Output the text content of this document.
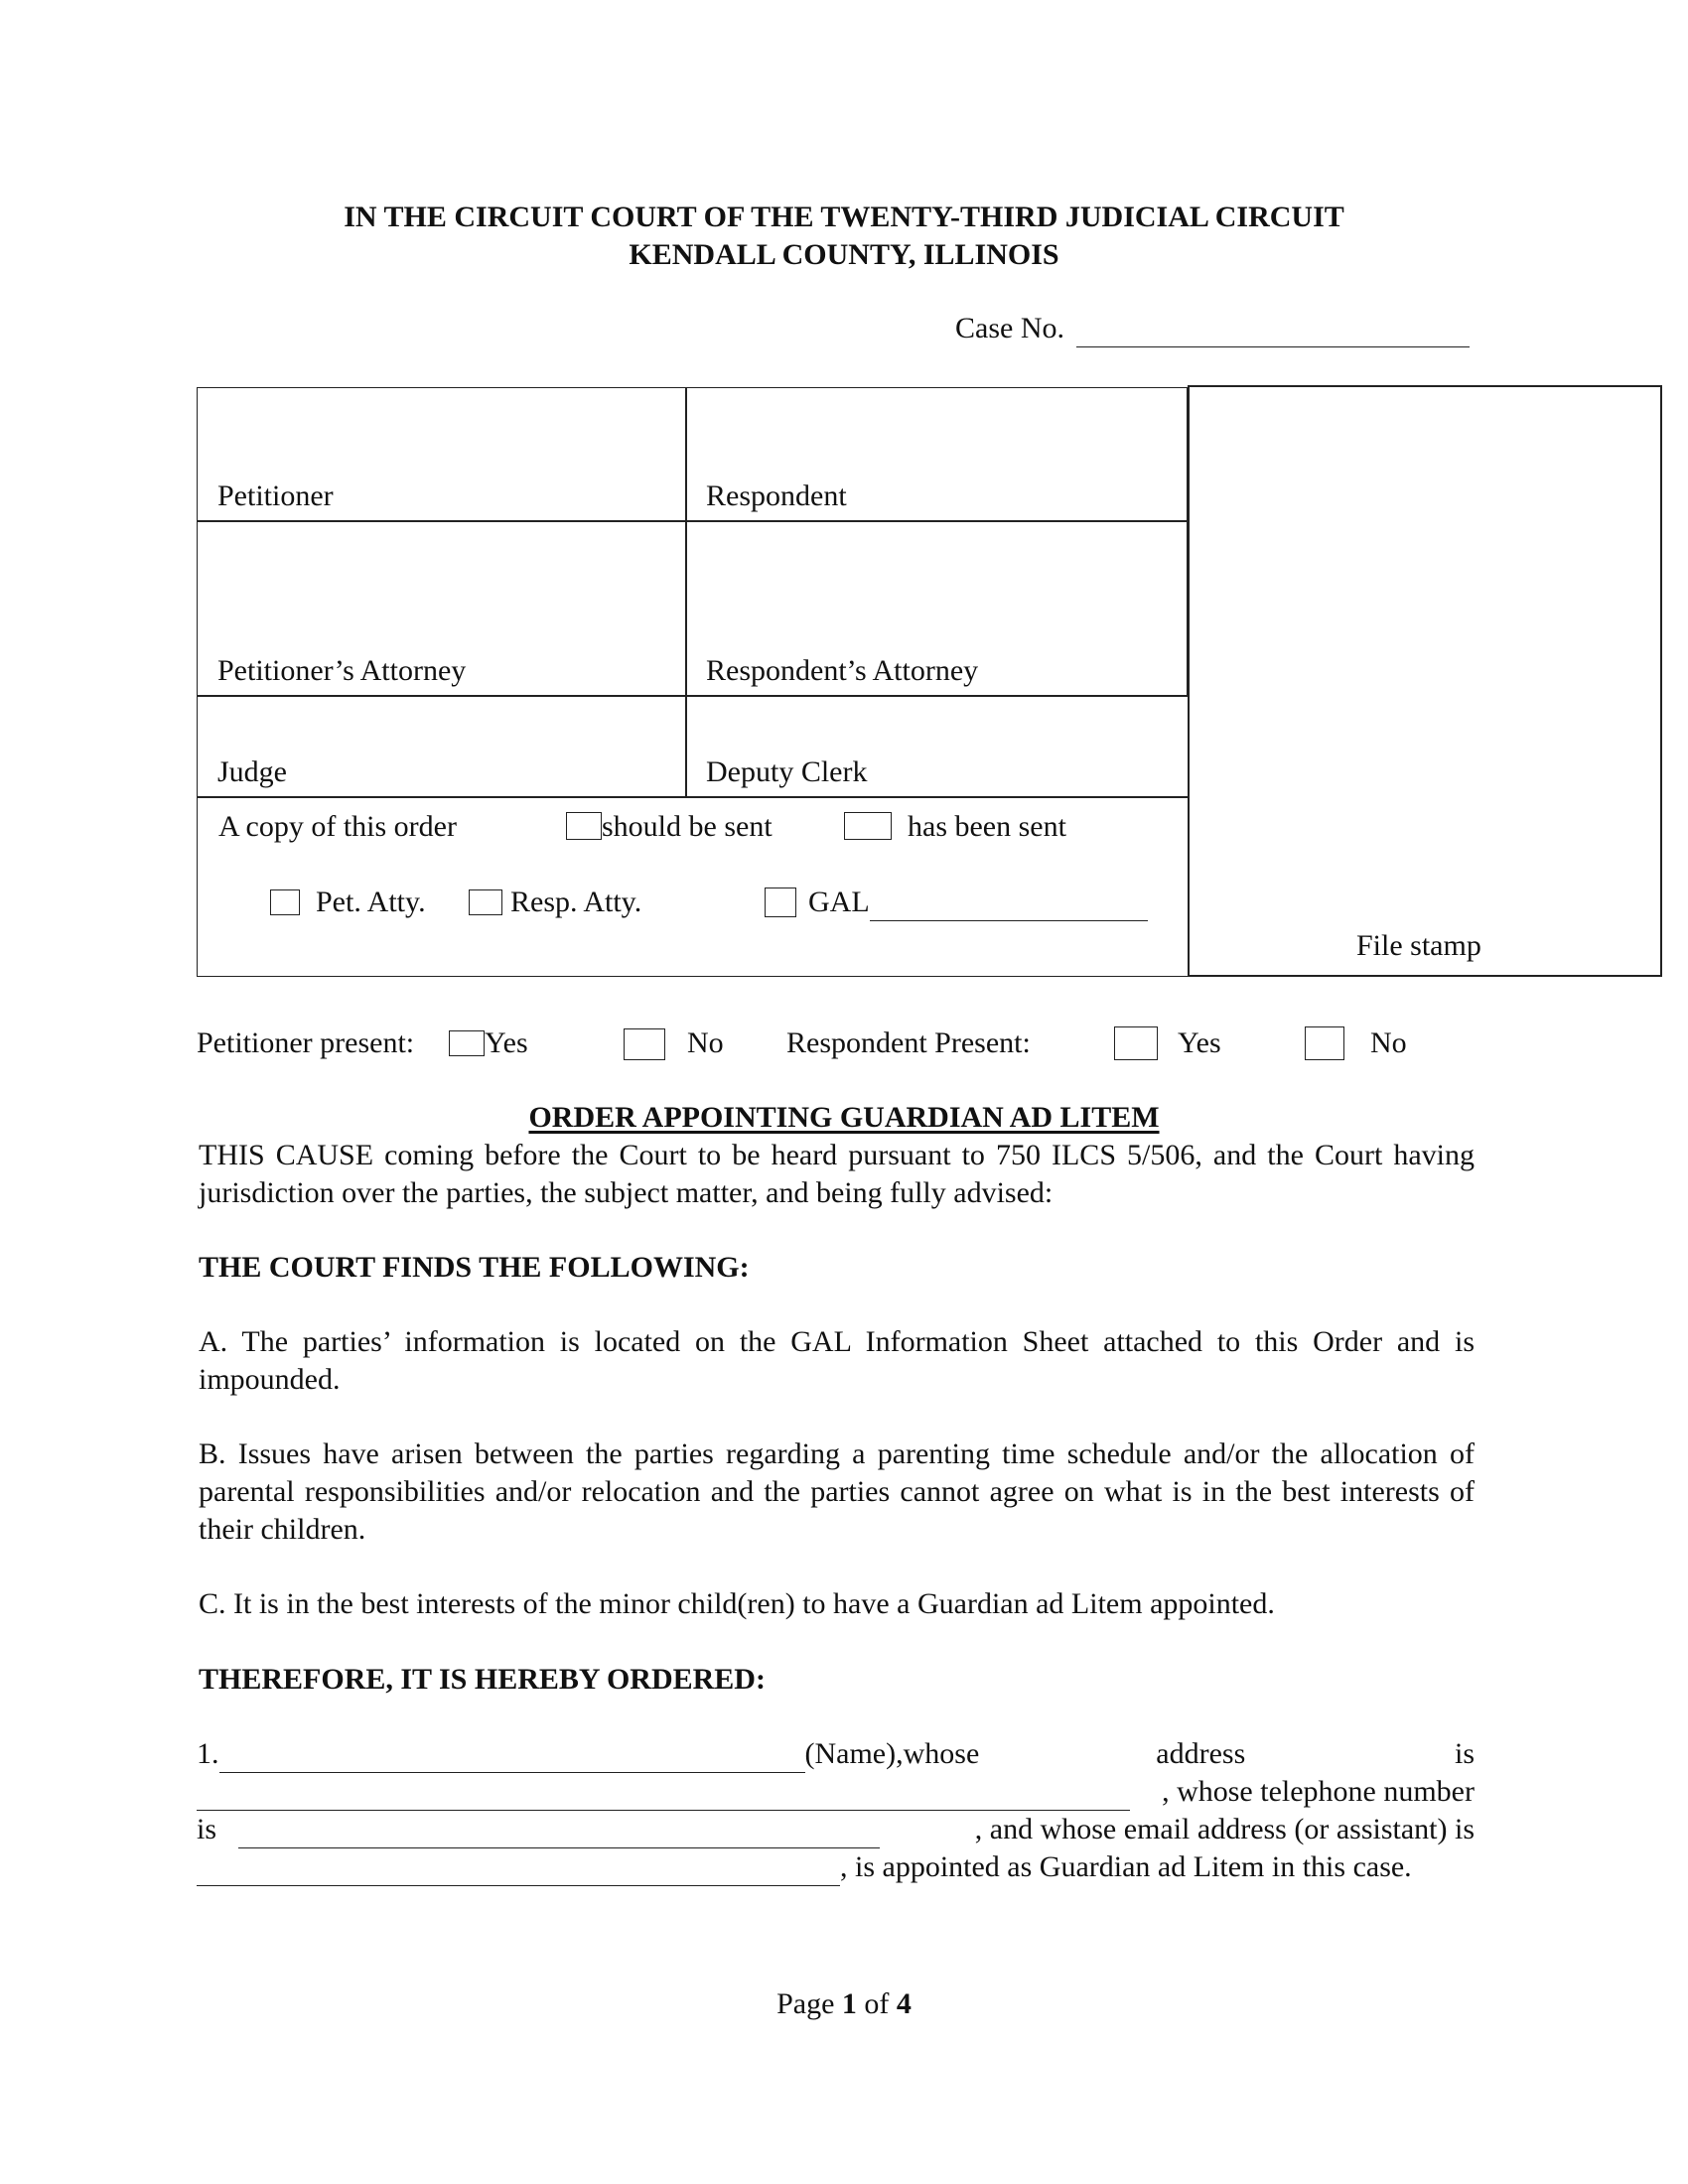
IN THE CIRCUIT COURT OF THE TWENTY-THIRD JUDICIAL CIRCUIT
KENDALL COUNTY, ILLINOIS
Case No.
Petitioner	Respondent
Petitioner’s Attorney	Respondent’s Attorney
Judge	Deputy Clerk
File stamp
A copy of this order	should be sent	has been sent
Pet. Atty.	Resp. Atty.	GAL
Petitioner present:	Yes	No Respondent Present:	Yes	No
ORDER APPOINTING GUARDIAN AD LITEM
THIS CAUSE coming before the Court to be heard pursuant to 750 ILCS 5/506, and the Court having jurisdiction over the parties, the subject matter, and being fully advised:
THE COURT FINDS THE FOLLOWING:
A. The parties’ information is located on the GAL Information Sheet attached to this Order and is impounded.
B. Issues have arisen between the parties regarding a parenting time schedule and/or the allocation of parental responsibilities and/or relocation and the parties cannot agree on what is in the best interests of their children.
C. It is in the best interests of the minor child(ren) to have a Guardian ad Litem appointed.
THEREFORE, IT IS HEREBY ORDERED:
1.	(Name),whose	address	is
, whose telephone number
is	, and whose email address (or assistant) is
, is appointed as Guardian ad Litem in this case.
Page 1 of 4
